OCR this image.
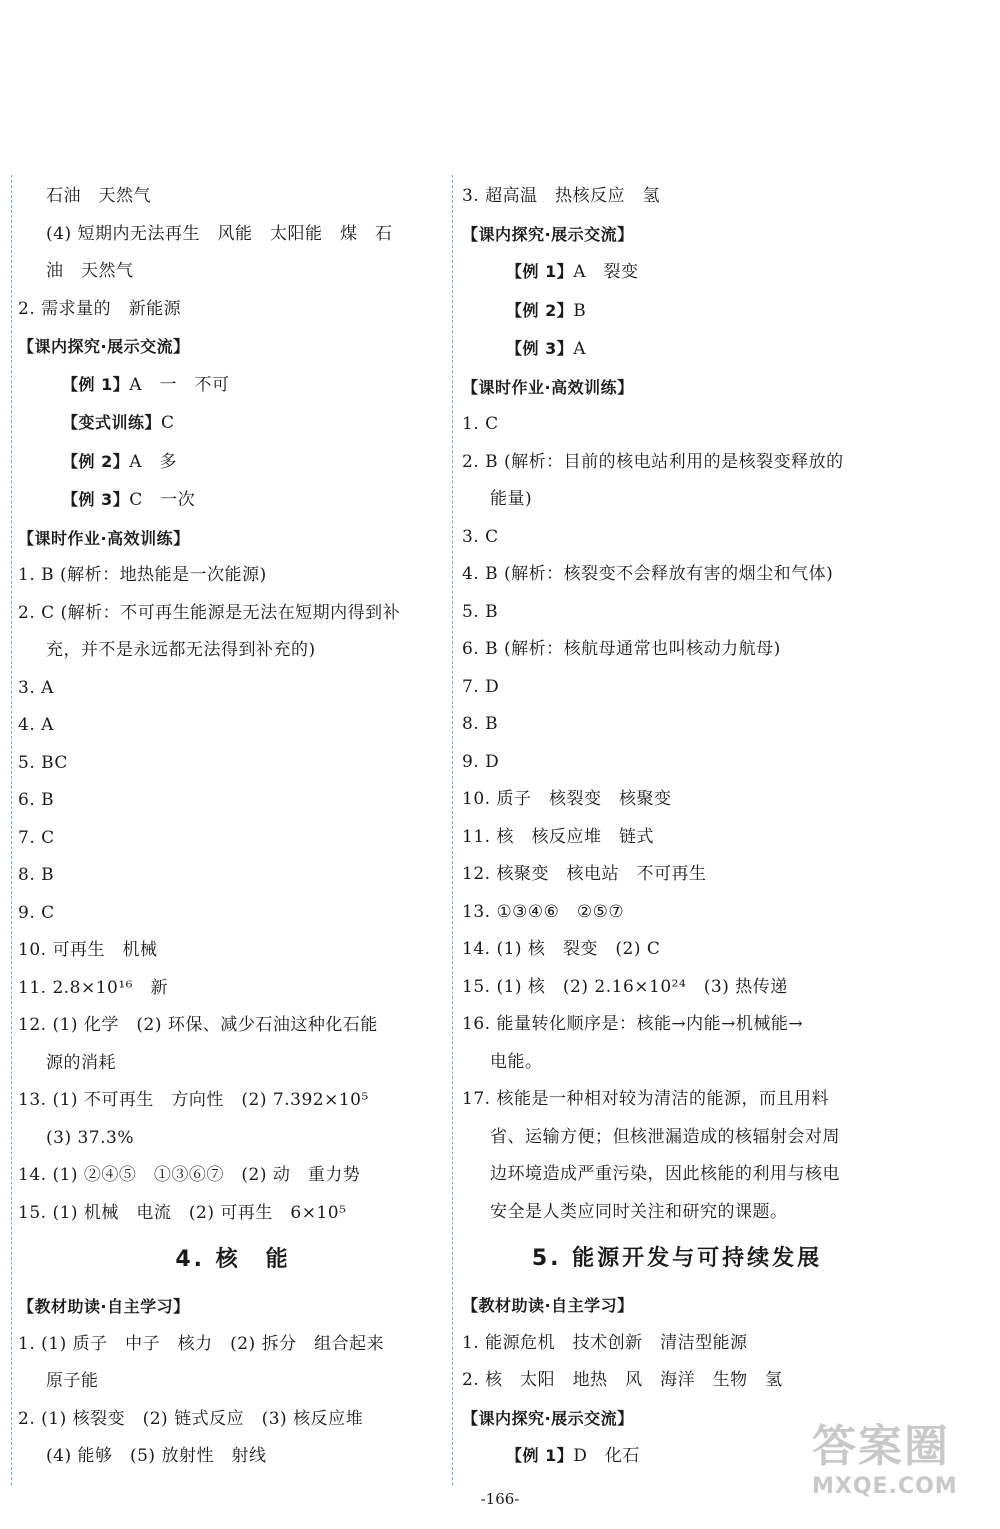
石油　天然气
(4) 短期内无法再生　风能　太阳能　煤　石
油　天然气
2. 需求量的　新能源
【课内探究·展示交流】
【例 1】A　一　不可
【变式训练】C
【例 2】A　多
【例 3】C　一次
【课时作业·高效训练】
1. B (解析：地热能是一次能源)
2. C (解析：不可再生能源是无法在短期内得到补
充，并不是永远都无法得到补充的)
3. A
4. A
5. BC
6. B
7. C
8. B
9. C
10. 可再生　机械
11. 2.8×10¹⁶　新
12. (1) 化学　(2) 环保、减少石油这种化石能
源的消耗
13. (1) 不可再生　方向性　(2) 7.392×10⁵
(3) 37.3%
14. (1) ②④⑤　①③⑥⑦　(2) 动　重力势
15. (1) 机械　电流　(2) 可再生　6×10⁵
4. 核　能
【教材助读·自主学习】
1. (1) 质子　中子　核力　(2) 拆分　组合起来
原子能
2. (1) 核裂变　(2) 链式反应　(3) 核反应堆
(4) 能够　(5) 放射性　射线
3. 超高温　热核反应　氢
【课内探究·展示交流】
【例 1】A　裂变
【例 2】B
【例 3】A
【课时作业·高效训练】
1. C
2. B (解析：目前的核电站利用的是核裂变释放的
能量)
3. C
4. B (解析：核裂变不会释放有害的烟尘和气体)
5. B
6. B (解析：核航母通常也叫核动力航母)
7. D
8. B
9. D
10. 质子　核裂变　核聚变
11. 核　核反应堆　链式
12. 核聚变　核电站　不可再生
13. ①③④⑥　②⑤⑦
14. (1) 核　裂变　(2) C
15. (1) 核　(2) 2.16×10²⁴　(3) 热传递
16. 能量转化顺序是：核能→内能→机械能→
电能。
17. 核能是一种相对较为清洁的能源，而且用料
省、运输方便；但核泄漏造成的核辐射会对周
边环境造成严重污染，因此核能的利用与核电
安全是人类应同时关注和研究的课题。
5. 能源开发与可持续发展
【教材助读·自主学习】
1. 能源危机　技术创新　清洁型能源
2. 核　太阳　地热　风　海洋　生物　氢
【课内探究·展示交流】
【例 1】D　化石
-166-
答案圈
MXQE.COM
